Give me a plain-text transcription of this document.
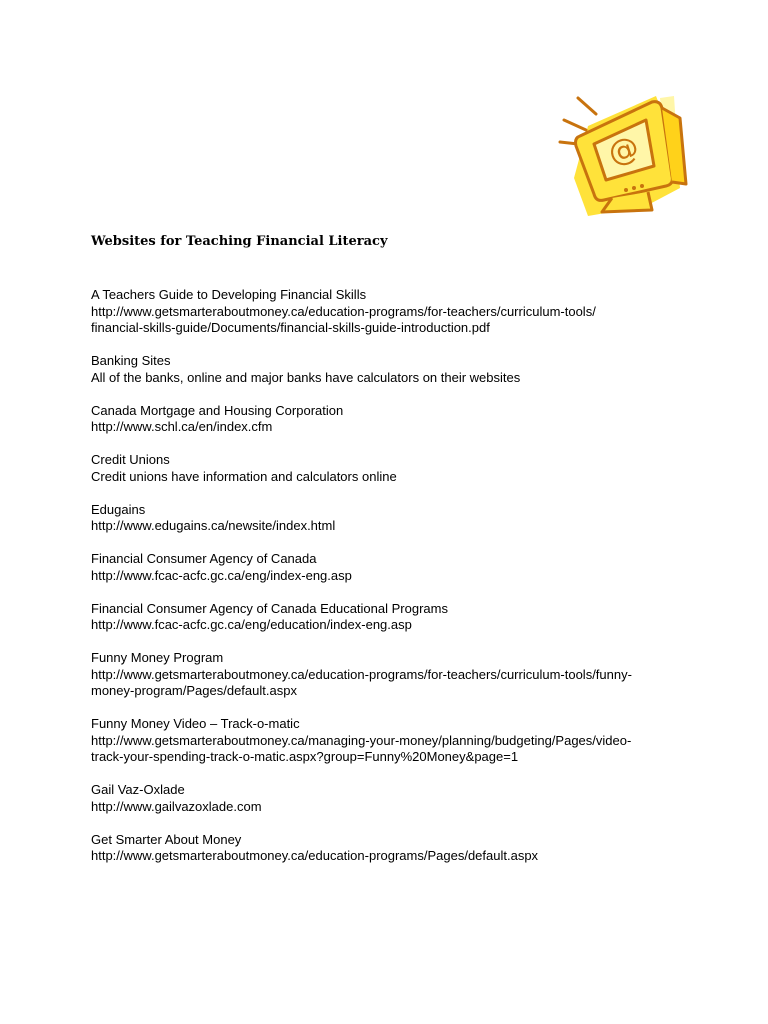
@
Websites for Teaching Financial Literacy
A Teachers Guide to Developing Financial Skills
http://www.getsmarteraboutmoney.ca/education-programs/for-teachers/curriculum-tools/
financial-skills-guide/Documents/financial-skills-guide-introduction.pdf
Banking Sites
All of the banks, online and major banks have calculators on their websites
Canada Mortgage and Housing Corporation
http://www.schl.ca/en/index.cfm
Credit Unions
Credit unions have information and calculators online
Edugains
http://www.edugains.ca/newsite/index.html
Financial Consumer Agency of Canada
http://www.fcac-acfc.gc.ca/eng/index-eng.asp
Financial Consumer Agency of Canada Educational Programs
http://www.fcac-acfc.gc.ca/eng/education/index-eng.asp
Funny Money Program
http://www.getsmarteraboutmoney.ca/education-programs/for-teachers/curriculum-tools/funny-
money-program/Pages/default.aspx
Funny Money Video – Track-o-matic
http://www.getsmarteraboutmoney.ca/managing-your-money/planning/budgeting/Pages/video-
track-your-spending-track-o-matic.aspx?group=Funny%20Money&page=1
Gail Vaz-Oxlade
http://www.gailvazoxlade.com
Get Smarter About Money
http://www.getsmarteraboutmoney.ca/education-programs/Pages/default.aspx
